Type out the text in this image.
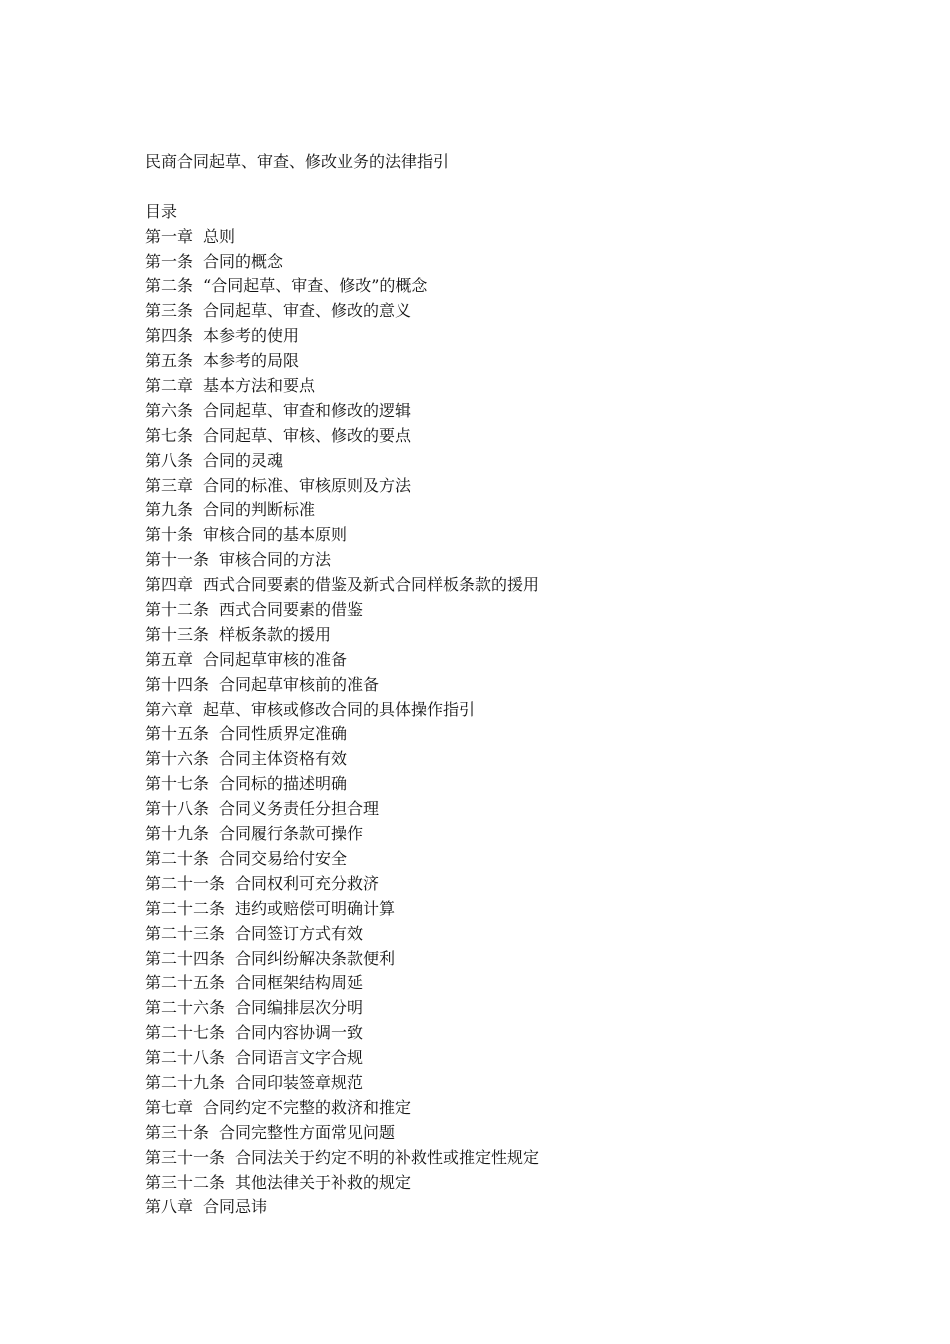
民商合同起草、审查、修改业务的法律指引
目录
第一章 总则
第一条 合同的概念
第二条 “合同起草、审查、修改”的概念
第三条 合同起草、审查、修改的意义
第四条 本参考的使用
第五条 本参考的局限
第二章 基本方法和要点
第六条 合同起草、审查和修改的逻辑
第七条 合同起草、审核、修改的要点
第八条 合同的灵魂
第三章 合同的标准、审核原则及方法
第九条 合同的判断标准
第十条 审核合同的基本原则
第十一条 审核合同的方法
第四章 西式合同要素的借鉴及新式合同样板条款的援用
第十二条 西式合同要素的借鉴
第十三条 样板条款的援用
第五章 合同起草审核的准备
第十四条 合同起草审核前的准备
第六章 起草、审核或修改合同的具体操作指引
第十五条 合同性质界定准确
第十六条 合同主体资格有效
第十七条 合同标的描述明确
第十八条 合同义务责任分担合理
第十九条 合同履行条款可操作
第二十条 合同交易给付安全
第二十一条 合同权利可充分救济
第二十二条 违约或赔偿可明确计算
第二十三条 合同签订方式有效
第二十四条 合同纠纷解决条款便利
第二十五条 合同框架结构周延
第二十六条 合同编排层次分明
第二十七条 合同内容协调一致
第二十八条 合同语言文字合规
第二十九条 合同印装签章规范
第七章 合同约定不完整的救济和推定
第三十条 合同完整性方面常见问题
第三十一条 合同法关于约定不明的补救性或推定性规定
第三十二条 其他法律关于补救的规定
第八章 合同忌讳
